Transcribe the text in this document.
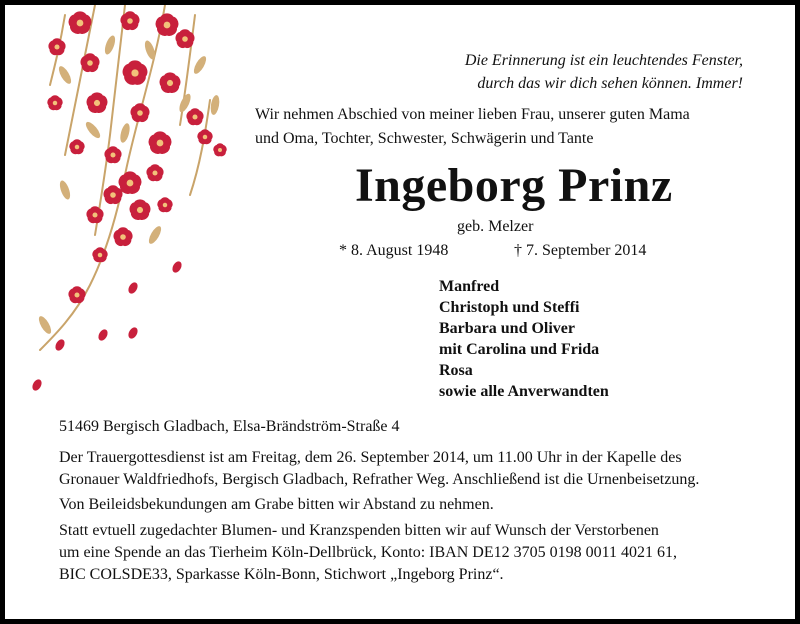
Die Erinnerung ist ein leuchtendes Fenster,
durch das wir dich sehen können. Immer!
Wir nehmen Abschied von meiner lieben Frau, unserer guten Mama
und Oma, Tochter, Schwester, Schwägerin und Tante
Ingeborg Prinz
geb. Melzer
* 8. August 1948	† 7. September 2014
Manfred
Christoph und Steffi
Barbara und Oliver
mit Carolina und Frida
Rosa
sowie alle Anverwandten
51469 Bergisch Gladbach, Elsa-Brändström-Straße 4
Der Trauergottesdienst ist am Freitag, dem 26. September 2014, um 11.00 Uhr in der Kapelle des
Gronauer Waldfriedhofs, Bergisch Gladbach, Refrather Weg. Anschließend ist die Urnenbeisetzung.
Von Beileidsbekundungen am Grabe bitten wir Abstand zu nehmen.
Statt evtuell zugedachter Blumen- und Kranzspenden bitten wir auf Wunsch der Verstorbenen
um eine Spende an das Tierheim Köln-Dellbrück, Konto: IBAN DE12 3705 0198 0011 4021 61,
BIC COLSDE33, Sparkasse Köln-Bonn, Stichwort „Ingeborg Prinz“.
